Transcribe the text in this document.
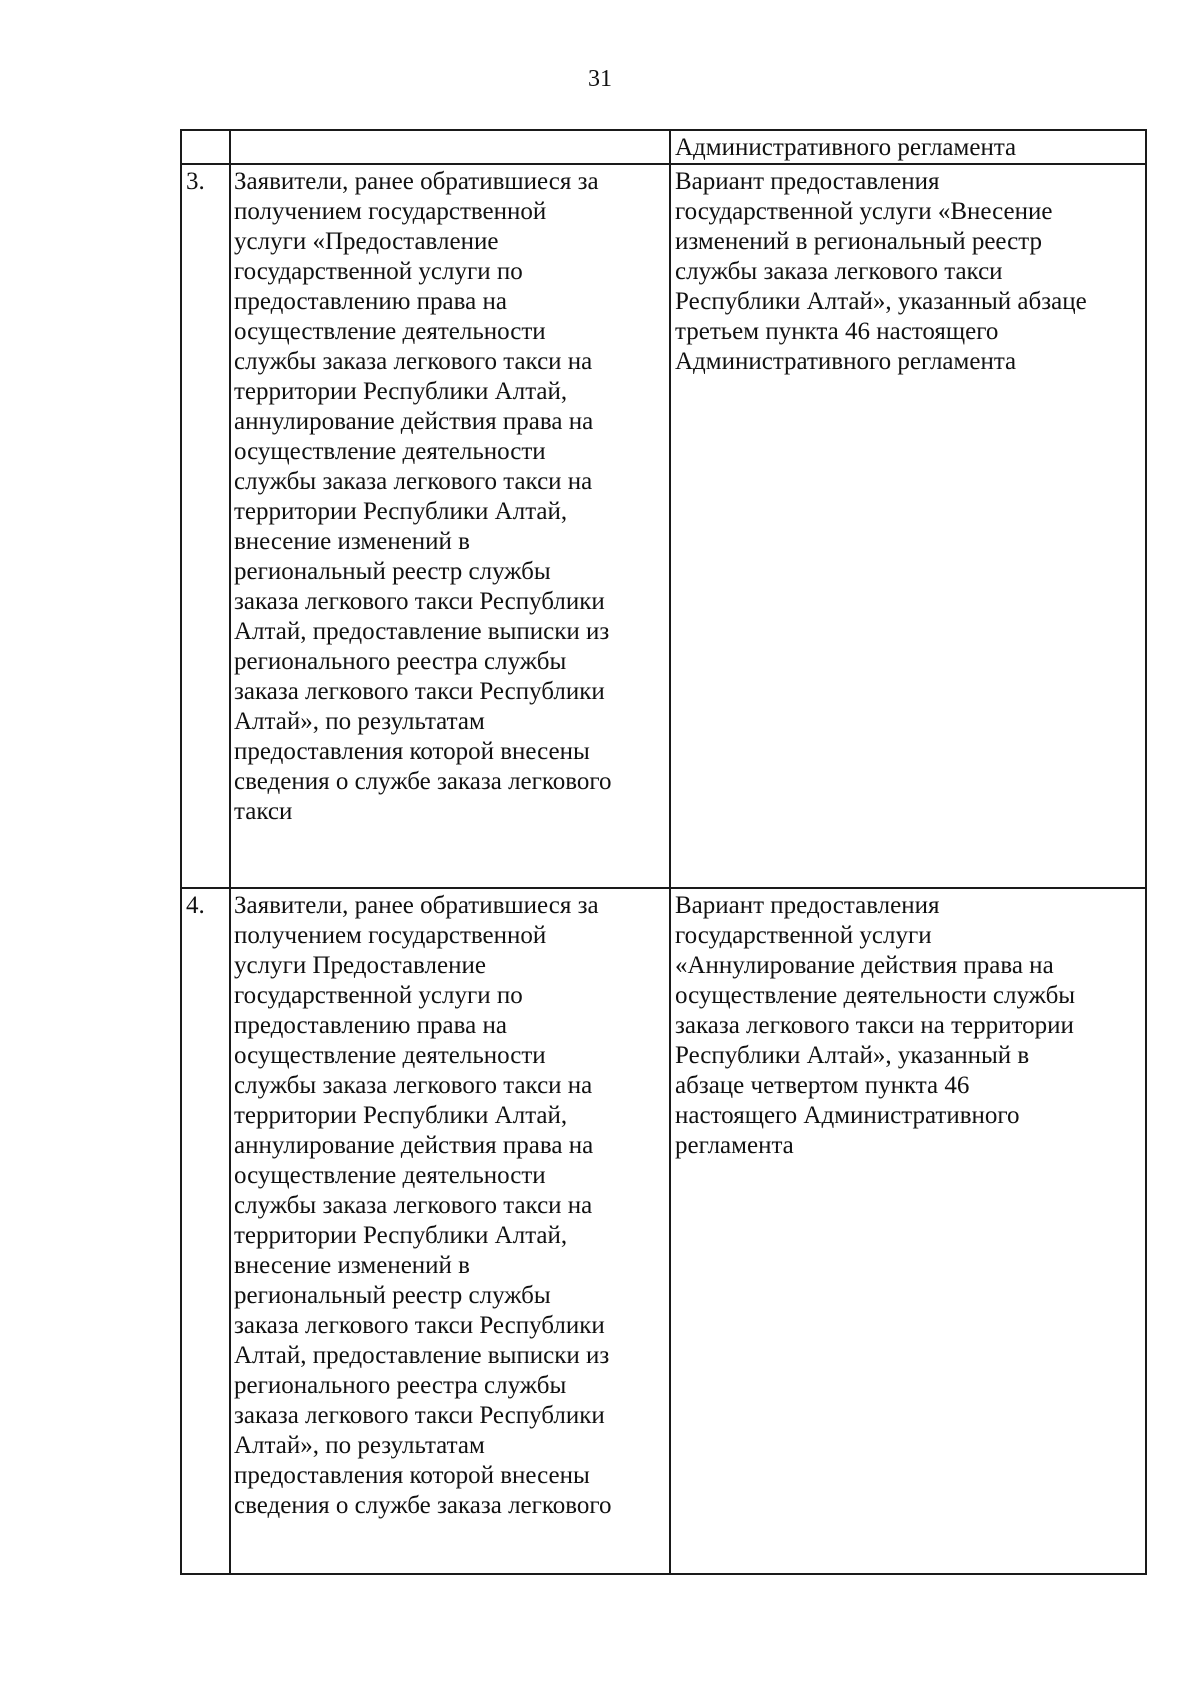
31
Административного регламента
3.	Заявители, ранее обратившиеся за
получением государственной
услуги «Предоставление
государственной услуги по
предоставлению права на
осуществление деятельности
службы заказа легкового такси на
территории Республики Алтай,
аннулирование действия права на
осуществление деятельности
службы заказа легкового такси на
территории Республики Алтай,
внесение изменений в
региональный реестр службы
заказа легкового такси Республики
Алтай, предоставление выписки из
регионального реестра службы
заказа легкового такси Республики
Алтай», по результатам
предоставления которой внесены
сведения о службе заказа легкового
такси
Вариант предоставления
государственной услуги «Внесение
изменений в региональный реестр
службы заказа легкового такси
Республики Алтай», указанный абзаце
третьем пункта 46 настоящего
Административного регламента
4.	Заявители, ранее обратившиеся за
получением государственной
услуги Предоставление
государственной услуги по
предоставлению права на
осуществление деятельности
службы заказа легкового такси на
территории Республики Алтай,
аннулирование действия права на
осуществление деятельности
службы заказа легкового такси на
территории Республики Алтай,
внесение изменений в
региональный реестр службы
заказа легкового такси Республики
Алтай, предоставление выписки из
регионального реестра службы
заказа легкового такси Республики
Алтай», по результатам
предоставления которой внесены
сведения о службе заказа легкового
Вариант предоставления
государственной услуги
«Аннулирование действия права на
осуществление деятельности службы
заказа легкового такси на территории
Республики Алтай», указанный в
абзаце четвертом пункта 46
настоящего Административного
регламента
